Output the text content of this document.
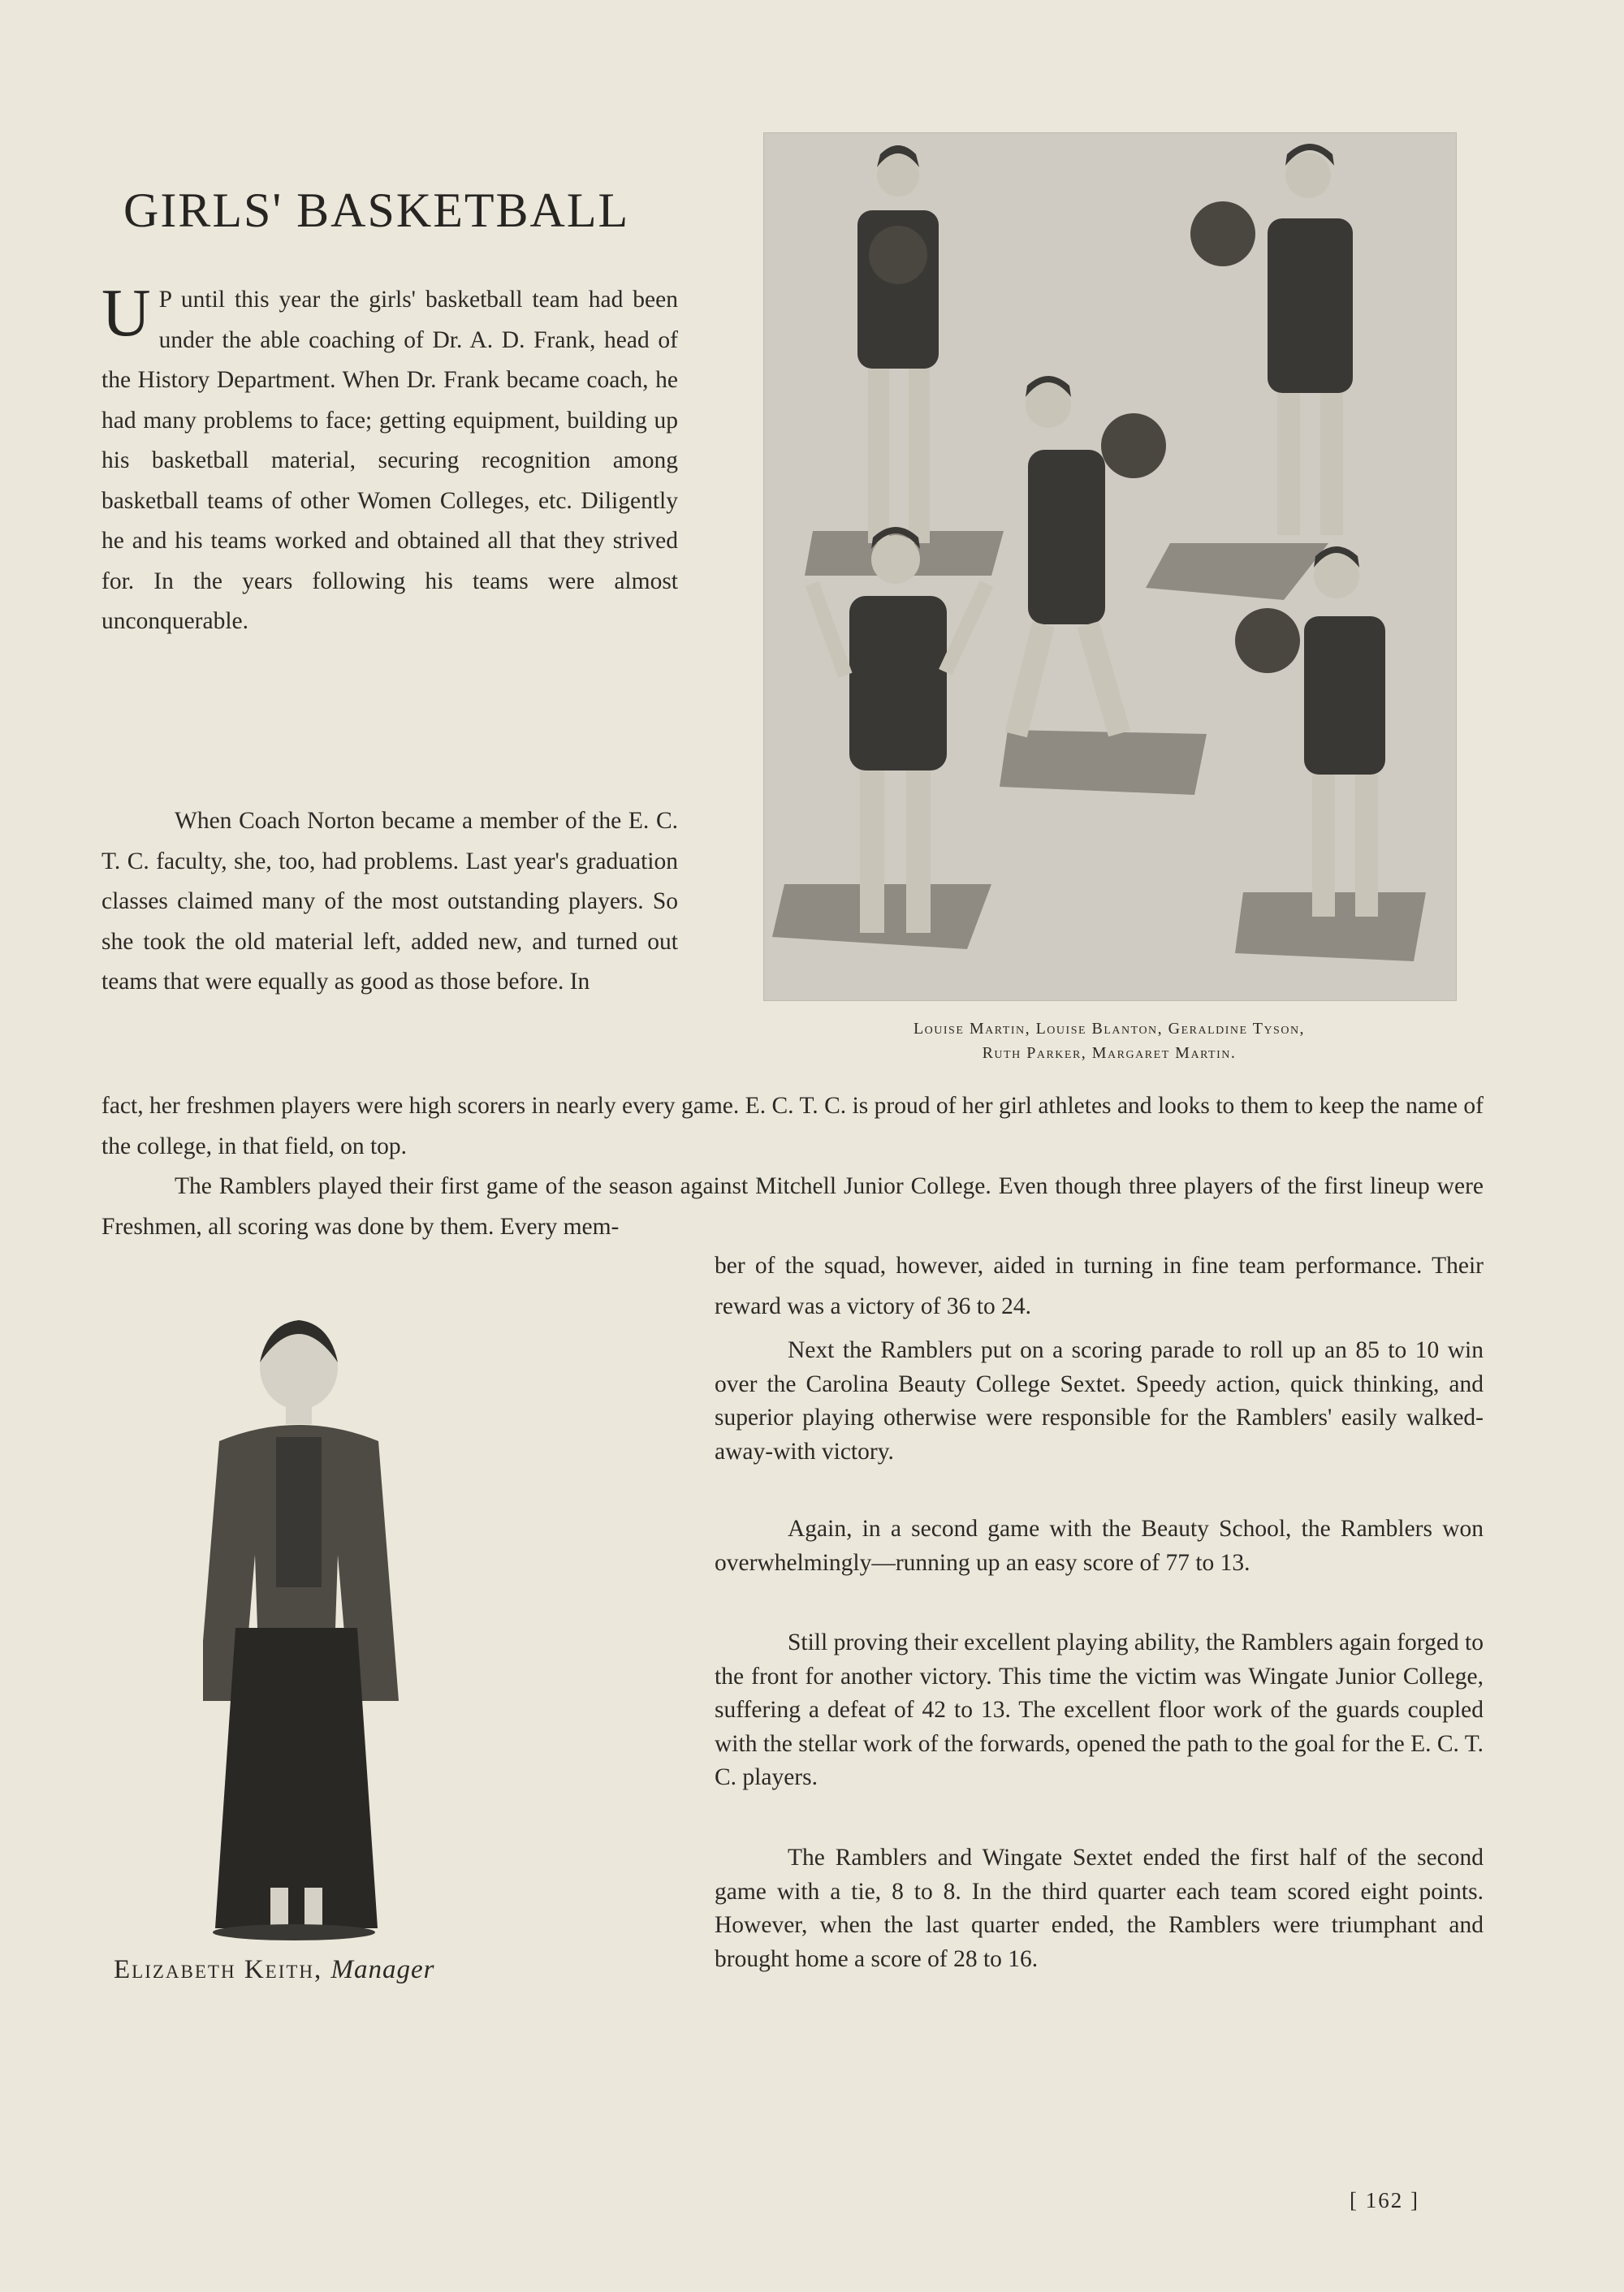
GIRLS' BASKETBALL

U P until this year the girls' basketball team had been under the able coaching of Dr. A. D. Frank, head of the History Department. When Dr. Frank became coach, he had many problems to face; getting equipment, building up his basketball material, securing recognition among basketball teams of other Women Colleges, etc. Diligently he and his teams worked and obtained all that they strived for. In the years following his teams were almost unconquerable.

When Coach Norton became a member of the E. C. T. C. faculty, she, too, had problems. Last year's graduation classes claimed many of the most outstanding players. So she took the old material left, added new, and turned out teams that were equally as good as those before. In

fact, her freshmen players were high scorers in nearly every game. E. C. T. C. is proud of her girl athletes and looks to them to keep the name of the college, in that field, on top.

The Ramblers played their first game of the season against Mitchell Junior College. Even though three players of the first lineup were Freshmen, all scoring was done by them. Every mem-

ber of the squad, however, aided in turning in fine team performance. Their reward was a victory of 36 to 24.

Next the Ramblers put on a scoring parade to roll up an 85 to 10 win over the Carolina Beauty College Sextet. Speedy action, quick thinking, and superior playing otherwise were responsible for the Ramblers' easily walked-away-with victory.

Again, in a second game with the Beauty School, the Ramblers won overwhelmingly—running up an easy score of 77 to 13.

Still proving their excellent playing ability, the Ramblers again forged to the front for another victory. This time the victim was Wingate Junior College, suffering a defeat of 42 to 13. The excellent floor work of the guards coupled with the stellar work of the forwards, opened the path to the goal for the E. C. T. C. players.

The Ramblers and Wingate Sextet ended the first half of the second game with a tie, 8 to 8. In the third quarter each team scored eight points. However, when the last quarter ended, the Ramblers were triumphant and brought home a score of 28 to 16.

Louise Martin, Louise Blanton, Geraldine Tyson,
Ruth Parker, Margaret Martin.

Elizabeth Keith, Manager

[ 162 ]
